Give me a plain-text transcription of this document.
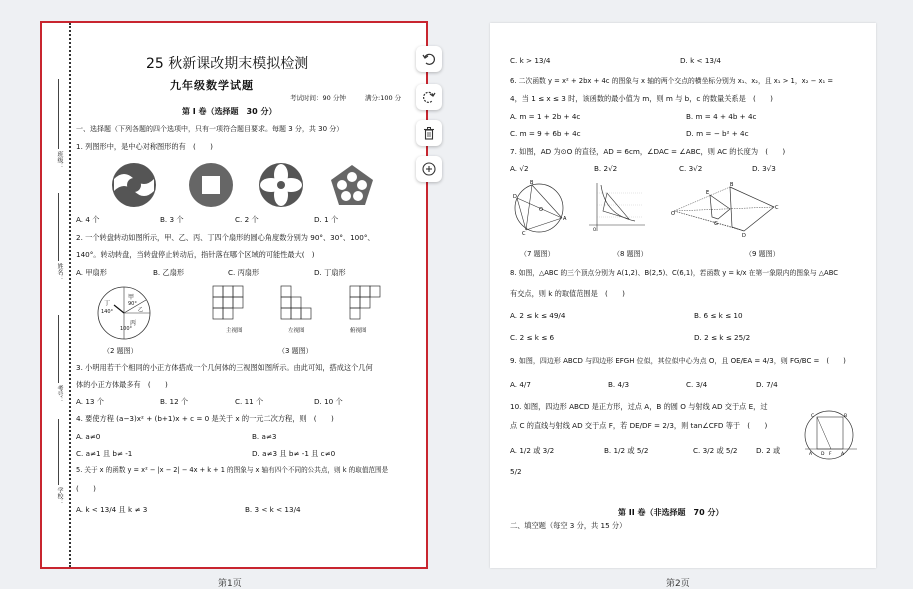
班级：
姓名：
考号：
学校：
25 秋新课改期末模拟检测
九年级数学试题
考试时间：90 分钟	满分:100 分
第 I 卷（选择题　30 分）
一、选择题（下列各题的四个选项中，只有一项符合题目要求。每题 3 分，共 30 分）
1. 列图形中，是中心对称图形的有　(　　)
A. 4 个	B. 3 个	C. 2 个	D. 1 个
2. 一个转盘转动如图所示，甲、乙、丙、丁四个扇形的圆心角度数分别为 90°、30°、100°、
140°。转动转盘，当转盘停止转动后，指针落在哪个区域的可能性最大(　)
A. 甲扇形	B. 乙扇形	C. 丙扇形	D. 丁扇形
甲
90°
乙
丙
100°
丁
140°
（2 题图）
主视图	左视图	俯视图
（3 题图）
3. 小明用若干个相同的小正方体搭成一个几何体的三视图如图所示。由此可知，搭成这个几何
体的小正方体最多有　(　　)
A. 13 个	B. 12 个	C. 11 个	D. 10 个
4. 要使方程 (a−3)x² + (b+1)x + c = 0 是关于 x 的一元二次方程，则　(　　)
A. a≠0	B. a≠3
C. a≠1 且 b≠ -1	D. a≠3 且 b≠ -1 且 c≠0
5. 关于 x 的函数 y = x² − |x − 2| − 4x + k + 1 的图象与 x 轴有四个不同的公共点，则 k 的取值范围是
(　　)
A. k < 13/4 且 k ≠ 3	B. 3 < k < 13/4
C. k > 13/4	D. k < 13/4
6. 二次函数 y = x² + 2bx + 4c 的图象与 x 轴的两个交点的横坐标分别为 x₁、x₂，且 x₁ > 1，x₂ − x₁ =
4，当 1 ≤ x ≤ 3 时，该函数的最小值为 m，则 m 与 b，c 的数量关系是　(　　)
A. m = 1 + 2b + 4c	B. m = 4 + 4b + 4c
C. m = 9 + 6b + 4c	D. m = − b² + 4c
7. 如图，AD 为⊙O 的直径，AD = 6cm，∠DAC = ∠ABC，则 AC 的长度为　(　　)
A. √2	B. 2√2	C. 3√2	D. 3√3
D
O
A
B
C
O
O
B
C
D
E
G
（7 题图）	（8 题图）	（9 题图）
8. 如图，△ABC 的三个顶点分别为 A(1,2)、B(2,5)、C(6,1)，若函数 y = k/x 在第一象限内的图象与 △ABC
有交点，则 k 的取值范围是　(　　)
A. 2 ≤ k ≤ 49/4	B. 6 ≤ k ≤ 10
C. 2 ≤ k ≤ 6	D. 2 ≤ k ≤ 25/2
9. 如图，四边形 ABCD 与四边形 EFGH 位似，其位似中心为点 O，且 OE/EA = 4/3，则 FG/BC =　(　　)
A. 4/7	B. 4/3	C. 3/4	D. 7/4
10. 如图，四边形 ABCD 是正方形，过点 A，B 的圆 O 与射线 AD 交于点 E，过
点 C 的直线与射线 AD 交于点 F，若 DE/DF = 2/3，则 tan∠CFD 等于　(　　)
C	B
A D F A
A. 1/2 或 3/2	B. 1/2 或 5/2	C. 3/2 或 5/2	D. 2 或
5/2
第 II 卷（非选择题　70 分）
二、填空题（每空 3 分，共 15 分）
第1页	第2页
